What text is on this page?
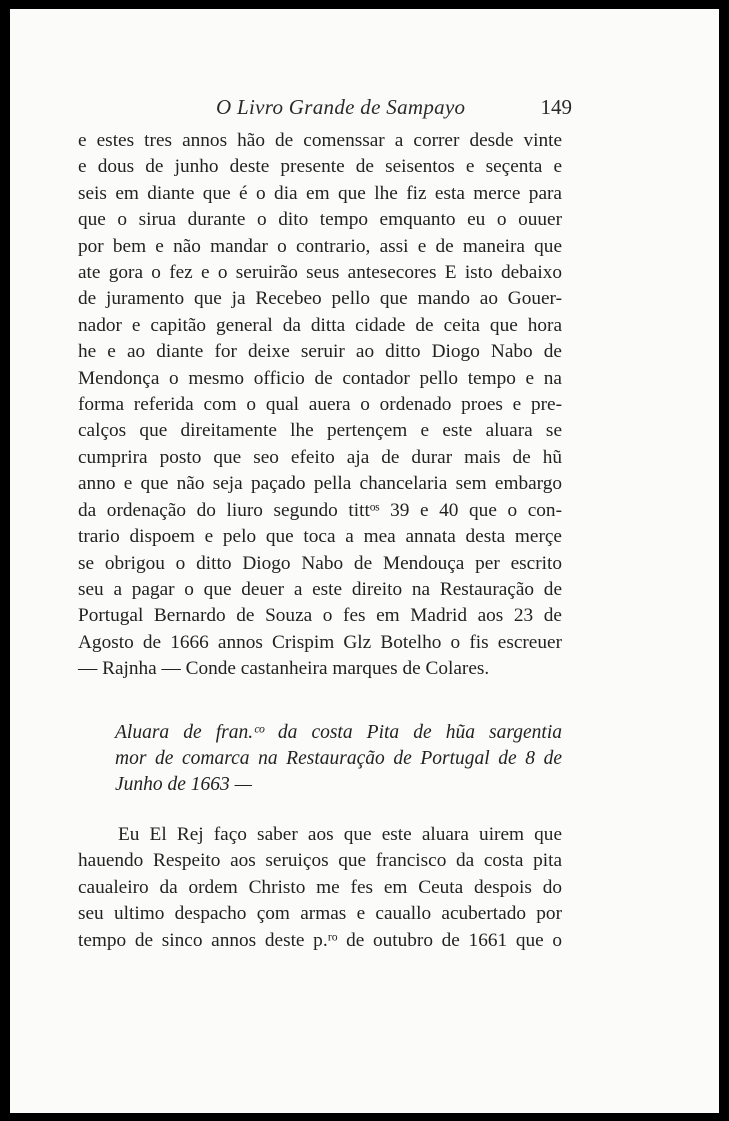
O Livro Grande de Sampayo	149
e estes tres annos hão de comenssar a correr desde vinte
e dous de junho deste presente de seisentos e seçenta e
seis em diante que é o dia em que lhe fiz esta merce para
que o sirua durante o dito tempo emquanto eu o ouuer
por bem e não mandar o contrario, assi e de maneira que
ate gora o fez e o seruirão seus antesecores E isto debaixo
de juramento que ja Recebeo pello que mando ao Gouer-
nador e capitão general da ditta cidade de ceita que hora
he e ao diante for deixe seruir ao ditto Diogo Nabo de
Mendonça o mesmo officio de contador pello tempo e na
forma referida com o qual auera o ordenado proes e pre-
calços que direitamente lhe pertençem e este aluara se
cumprira posto que seo efeito aja de durar mais de hũ
anno e que não seja paçado pella chancelaria sem embargo
da ordenação do liuro segundo tittᵒˢ 39 e 40 que o con-
trario dispoem e pelo que toca a mea annata desta merçe
se obrigou o ditto Diogo Nabo de Mendouça per escrito
seu a pagar o que deuer a este direito na Restauração de
Portugal Bernardo de Souza o fes em Madrid aos 23 de
Agosto de 1666 annos Crispim Glz Botelho o fis escreuer
— Rajnha — Conde castanheira marques de Colares.
Aluara de fran.ᶜᵒ da costa Pita de hũa sargentia
mor de comarca na Restauração de Portugal de 8 de
Junho de 1663 —
Eu El Rej faço saber aos que este aluara uirem que
hauendo Respeito aos seruiços que francisco da costa pita
caualeiro da ordem Christo me fes em Ceuta despois do
seu ultimo despacho çom armas e cauallo acubertado por
tempo de sinco annos deste p.ʳᵒ de outubro de 1661 que o
